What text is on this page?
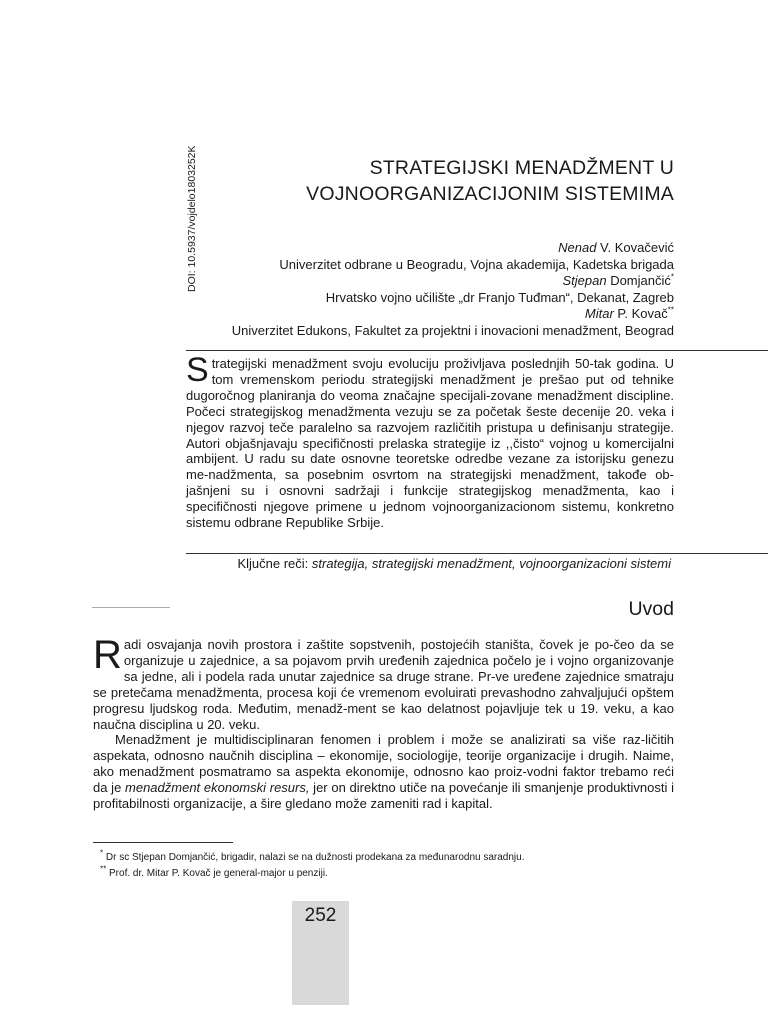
DOI: 10.5937/vojdelo1803252K	STRATEGIJSKI MENADŽMENT U
VOJNOORGANIZACIJONIM SISTEMIMA
Nenad V. Kovačević
Univerzitet odbrane u Beogradu, Vojna akademija, Kadetska brigada
Stjepan Domjančić*
Hrvatsko vojno učilište „dr Franjo Tuđman“, Dekanat, Zagreb
Mitar P. Kovač**
Univerzitet Edukons, Fakultet za projektni i inovacioni menadžment, Beograd
Strategijski menadžment svoju evoluciju proživljava poslednjih 50-tak godina. U tom vremenskom periodu strategijski menadžment je prešao put od tehnike dugoročnog planiranja do veoma značajne speciјali-zovane menadžment discipline. Počeci strategijskog menadžmenta vezuju se za početak šeste decenije 20. veka i njegov razvoj teče paralelno sa razvojem različitih pristupa u definisanju strategije. Autori objašnjavaju specifičnosti prelaska strategije iz ,,čisto“ vojnog u komercijalni ambijent. U radu su date osnovne teoretske odredbe vezane za istorijsku genezu me-nadžmenta, sa posebnim osvrtom na strategijski menadžment, takođe ob-jašnjeni su i osnovni sadržaji i funkcije strategijskog menadžmenta, kao i specifičnosti njegove primene u jednom vojnoorganizacionom sistemu, konkretno sistemu odbrane Republike Srbije.
Ključne reči: strategija, strategijski menadžment, vojnoorganizacioni sistemi
Uvod

Radi osvajanja novih prostora i zaštite sopstvenih, postojećih staništa, čovek je po-čeo da se organizuje u zajednice, a sa pojavom prvih uređenih zajednica počelo je i vojno organizovanje sa jedne, ali i podela rada unutar zajednice sa druge strane. Pr-ve uređene zajednice smatraju se pretečama menadžmenta, procesa koji će vremenom evoluirati prevashodno zahvaljujući opštem progresu ljudskog roda. Međutim, menadž-ment se kao delatnost pojavljuje tek u 19. veku, a kao naučna disciplina u 20. veku.

Menadžment je multidisciplinaran fenomen i problem i može se analizirati sa više raz-ličitih aspekata, odnosno naučnih disciplina – ekonomije, sociologije, teorije organizacije i drugih. Naime, ako menadžment posmatramo sa aspekta ekonomije, odnosno kao proiz-vodni faktor trebamo reći da je menadžment ekonomski resurs, jer on direktno utiče na povećanje ili smanjenje produktivnosti i profitabilnosti organizacije, a šire gledano može zameniti rad i kapital.

* Dr sc Stjepan Domjančić, brigadir, nalazi se na dužnosti prodekana za međunarodnu saradnju.
** Prof. dr. Mitar P. Kovač je general-major u penziji.
252
